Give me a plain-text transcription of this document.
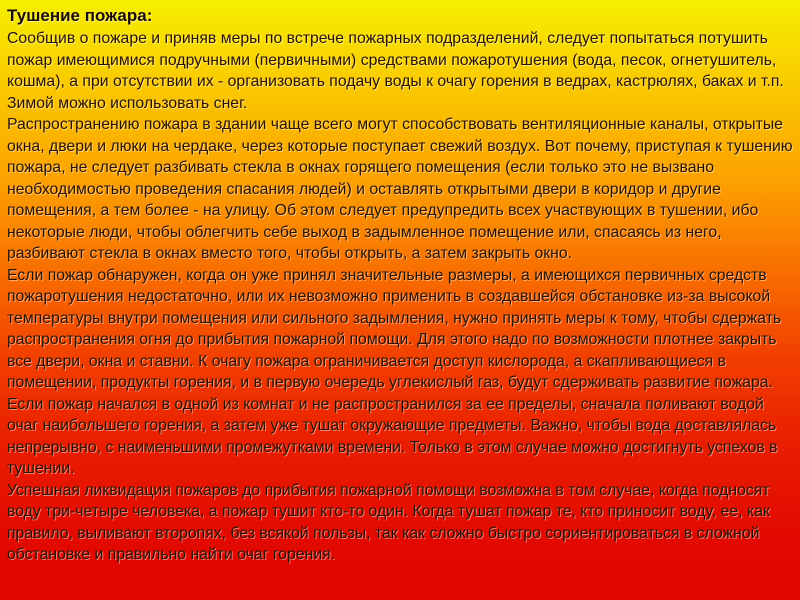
Тушение пожара:

Сообщив о пожаре и приняв меры по встрече пожарных подразделений, следует попытаться потушить пожар имеющимися подручными (первичными) средствами пожаротушения (вода, песок, огнетушитель, кошма), а при отсутствии их - организовать подачу воды к очагу горения в ведрах, кастрюлях, баках и т.п. Зимой можно использовать снег.

Распространению пожара в здании чаще всего могут способствовать вентиляционные каналы, открытые окна, двери и люки на чердаке, через которые поступает свежий воздух. Вот почему, приступая к тушению пожара, не следует разбивать стекла в окнах горящего помещения (если только это не вызвано необходимостью проведения спасания людей) и оставлять открытыми двери в коридор и другие помещения, а тем более - на улицу. Об этом следует предупредить всех участвующих в тушении, ибо некоторые люди, чтобы облегчить себе выход в задымленное помещение или, спасаясь из него, разбивают стекла в окнах вместо того, чтобы открыть, а затем закрыть окно.

Если пожар обнаружен, когда он уже принял значительные размеры, а имеющихся первичных средств пожаротушения недостаточно, или их невозможно применить в создавшейся обстановке из-за высокой температуры внутри помещения или сильного задымления, нужно принять меры к тому, чтобы сдержать распространения огня до прибытия пожарной помощи. Для этого надо по возможности плотнее закрыть все двери, окна и ставни. К очагу пожара ограничивается доступ кислорода, а скапливающиеся в помещении, продукты горения, и в первую очередь углекислый газ, будут сдерживать развитие пожара.

Если пожар начался в одной из комнат и не распространился за ее пределы, сначала поливают водой очаг наибольшего горения, а затем уже тушат окружающие предметы. Важно, чтобы вода доставлялась непрерывно, с наименьшими промежутками времени. Только в этом случае можно достигнуть успехов в тушении.

Успешная ликвидация пожаров до прибытия пожарной помощи возможна в том случае, когда подносят воду три-четыре человека, а пожар тушит кто-то один. Когда тушат пожар те, кто приносит воду, ее, как правило, выливают второпях, без всякой пользы, так как сложно быстро сориентироваться в сложной обстановке и правильно найти очаг горения.
